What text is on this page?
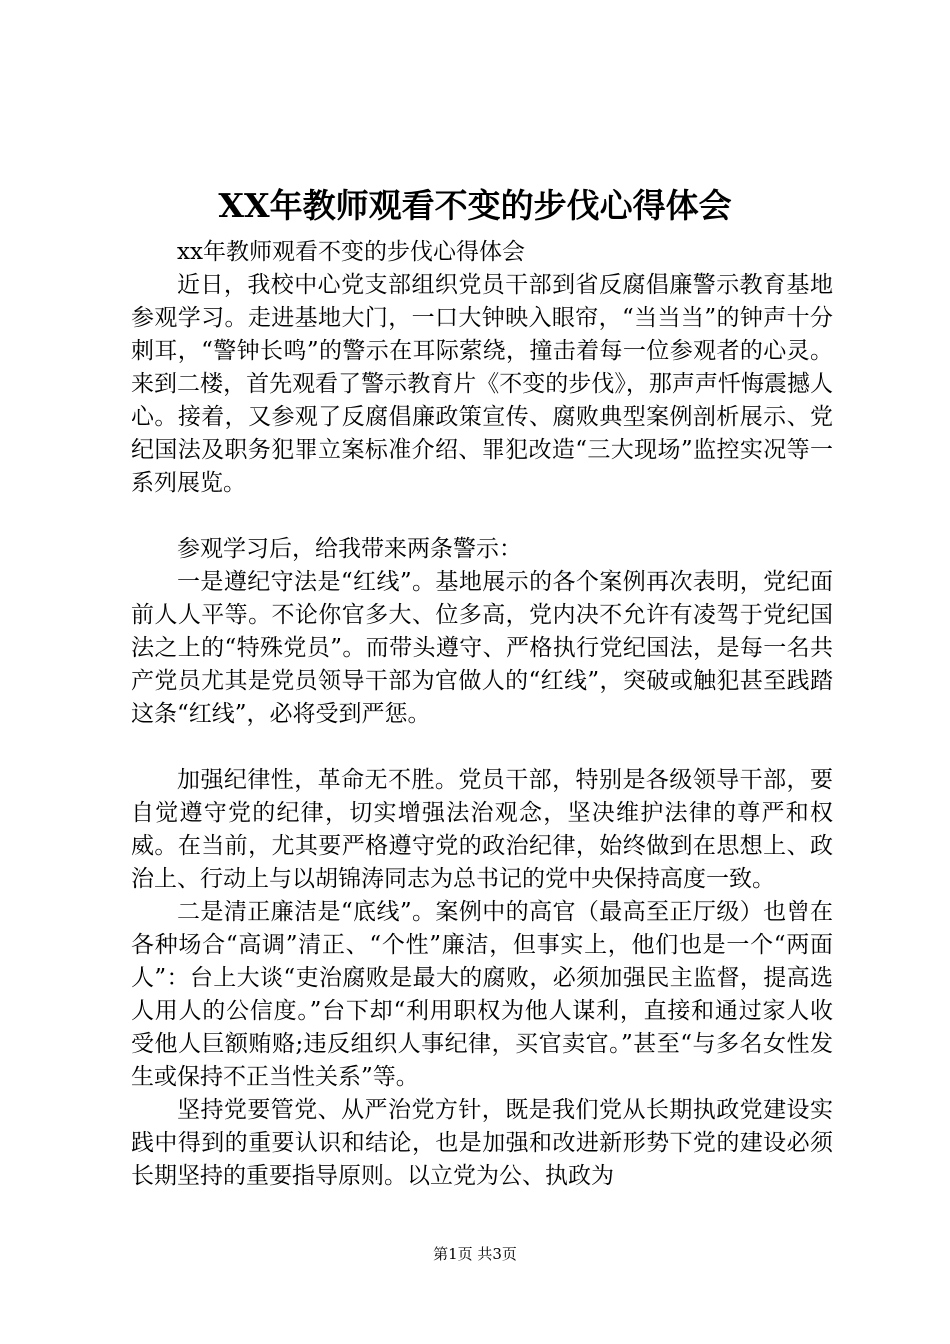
XX年教师观看不变的步伐心得体会

xx年教师观看不变的步伐心得体会

近日，我校中心党支部组织党员干部到省反腐倡廉警示教育基地参观学习。走进基地大门，一口大钟映入眼帘，“当当当”的钟声十分刺耳，“警钟长鸣”的警示在耳际萦绕，撞击着每一位参观者的心灵。来到二楼，首先观看了警示教育片《不变的步伐》，那声声忏悔震撼人心。接着，又参观了反腐倡廉政策宣传、腐败典型案例剖析展示、党纪国法及职务犯罪立案标准介绍、罪犯改造“三大现场”监控实况等一系列展览。

参观学习后，给我带来两条警示：

一是遵纪守法是“红线”。基地展示的各个案例再次表明，党纪面前人人平等。不论你官多大、位多高，党内决不允许有凌驾于党纪国法之上的“特殊党员”。而带头遵守、严格执行党纪国法，是每一名共产党员尤其是党员领导干部为官做人的“红线”，突破或触犯甚至践踏这条“红线”，必将受到严惩。

加强纪律性，革命无不胜。党员干部，特别是各级领导干部，要自觉遵守党的纪律，切实增强法治观念，坚决维护法律的尊严和权威。在当前，尤其要严格遵守党的政治纪律，始终做到在思想上、政治上、行动上与以胡锦涛同志为总书记的党中央保持高度一致。

二是清正廉洁是“底线”。案例中的高官（最高至正厅级）也曾在各种场合“高调”清正、“个性”廉洁，但事实上，他们也是一个“两面人”：台上大谈“吏治腐败是最大的腐败，必须加强民主监督，提高选人用人的公信度。”台下却“利用职权为他人谋利，直接和通过家人收受他人巨额贿赂;违反组织人事纪律，买官卖官。”甚至“与多名女性发生或保持不正当性关系”等。

坚持党要管党、从严治党方针，既是我们党从长期执政党建设实践中得到的重要认识和结论，也是加强和改进新形势下党的建设必须长期坚持的重要指导原则。以立党为公、执政为

第1页 共3页
